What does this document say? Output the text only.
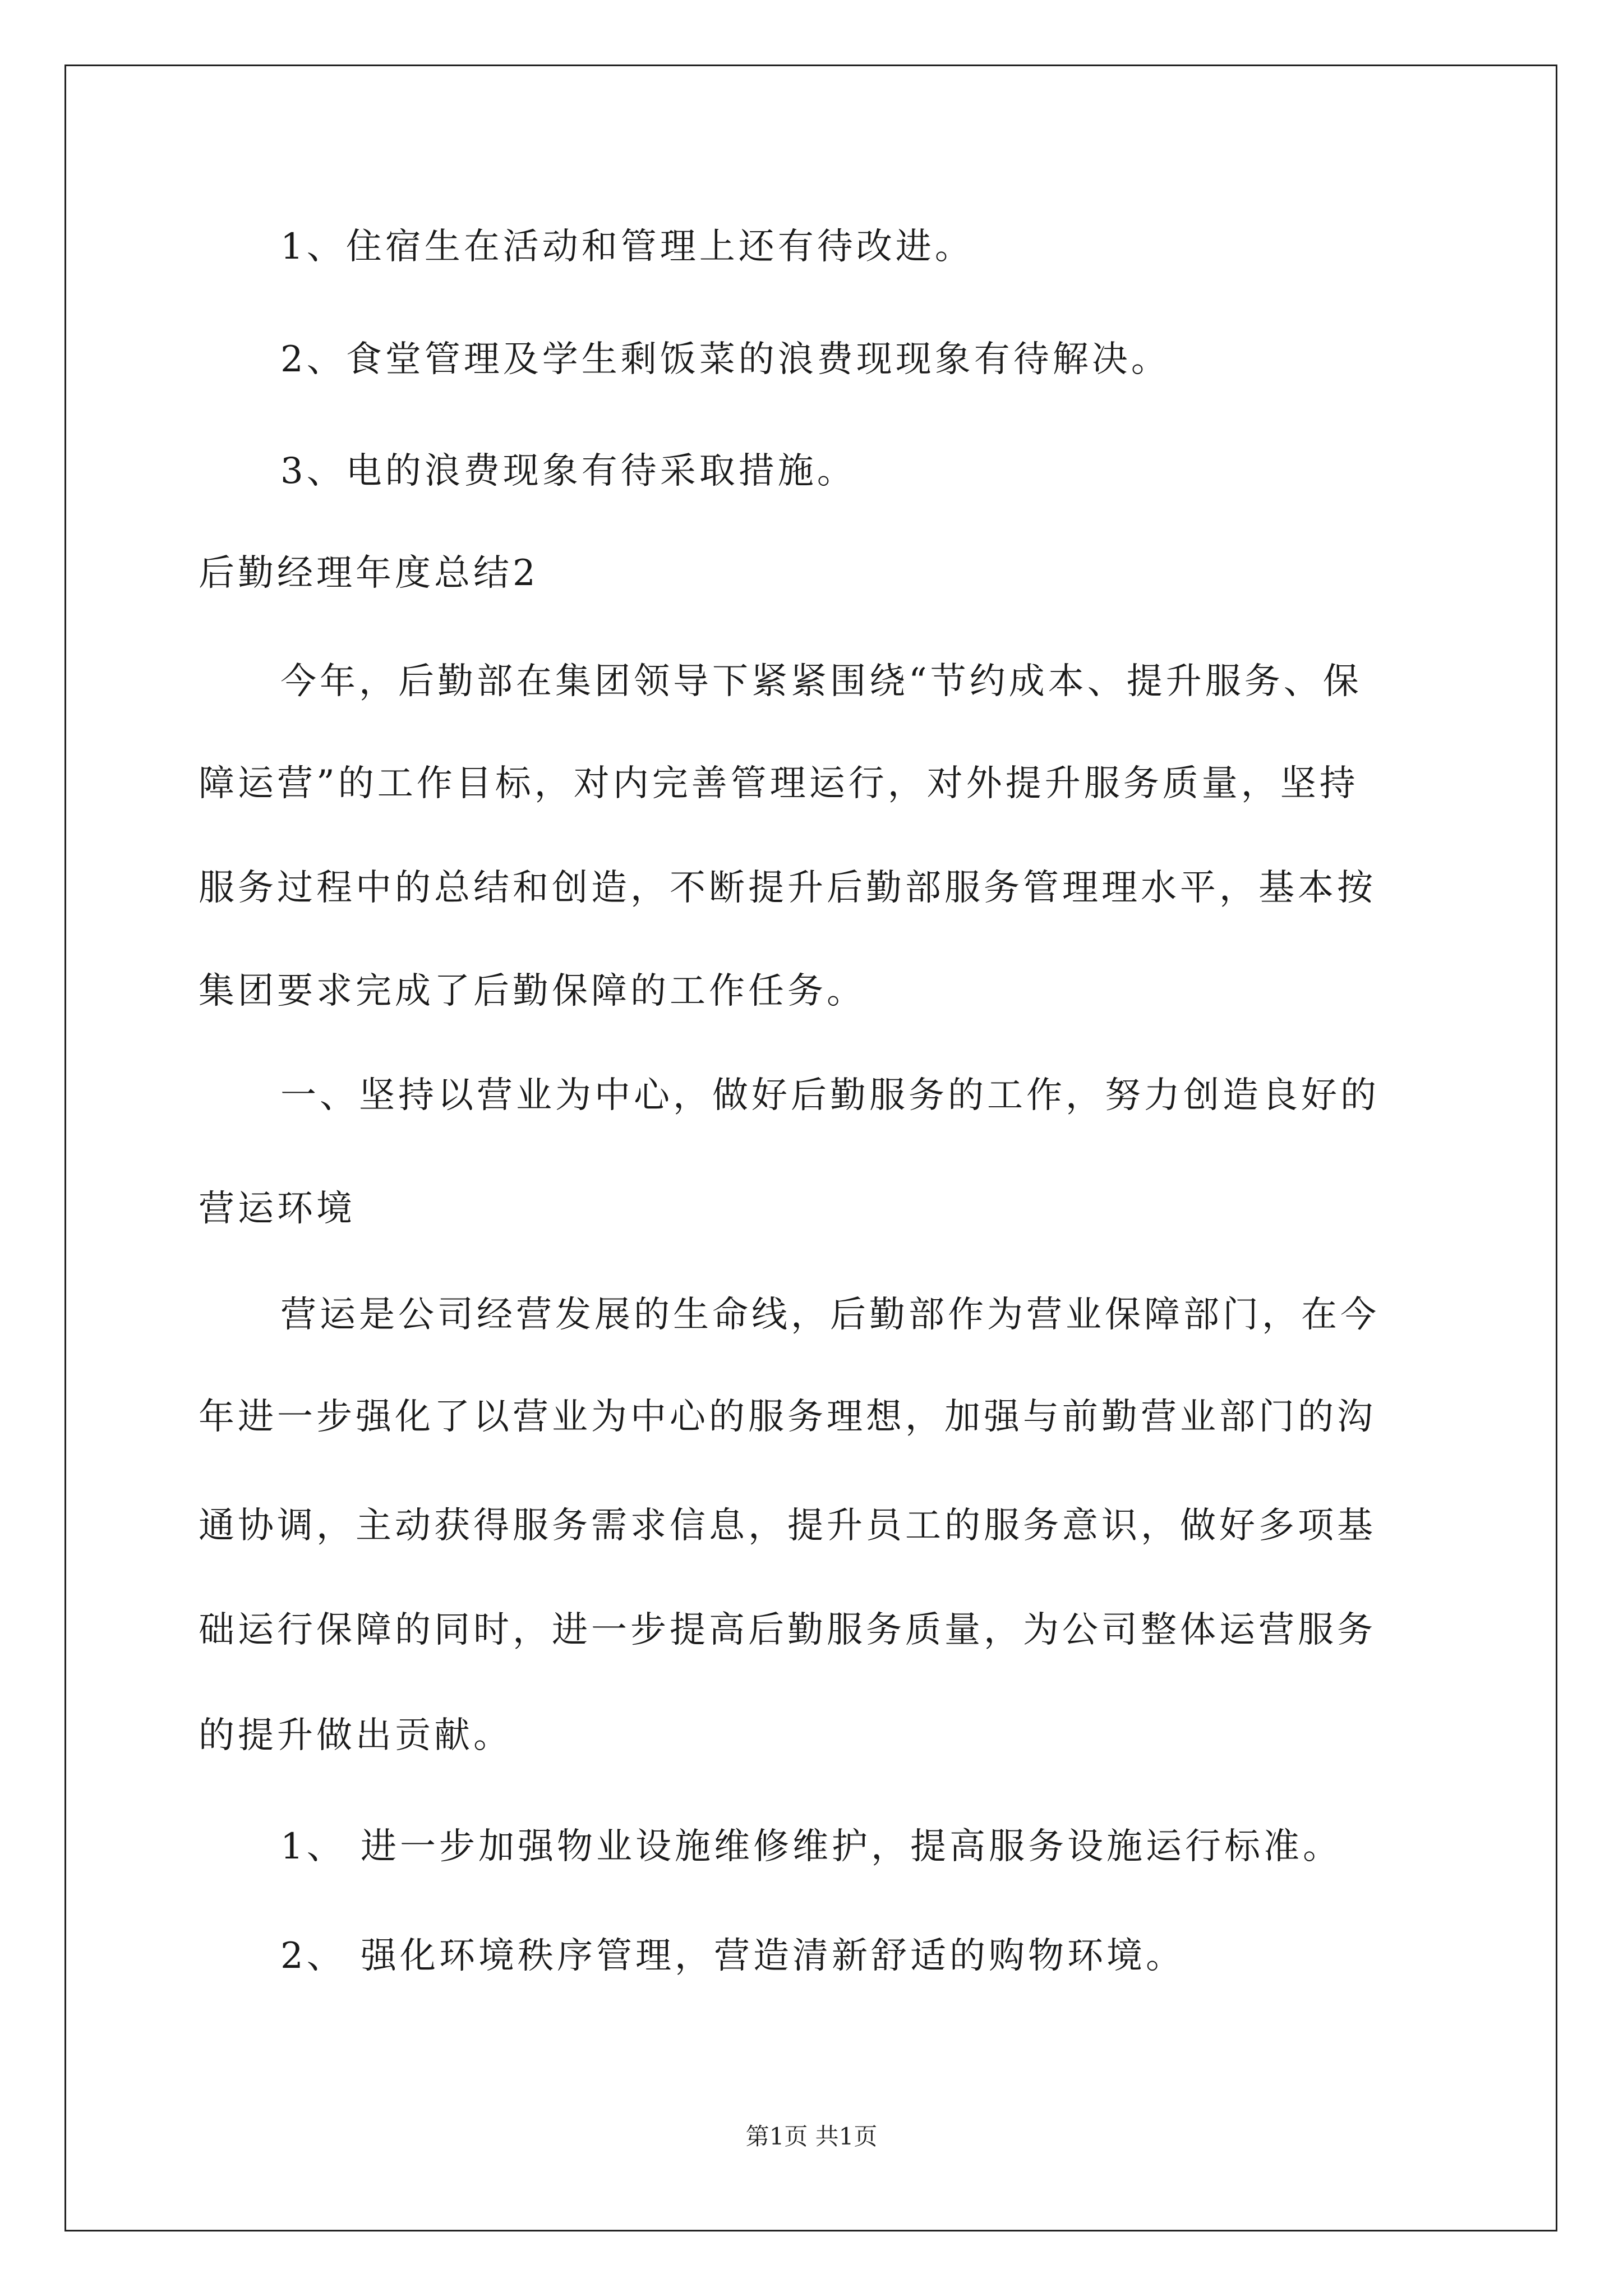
1、住宿生在活动和管理上还有待改进。
2、食堂管理及学生剩饭菜的浪费现现象有待解决。
3、电的浪费现象有待采取措施。
后勤经理年度总结2
今年，后勤部在集团领导下紧紧围绕“节约成本、提升服务、保
障运营”的工作目标，对内完善管理运行，对外提升服务质量，坚持
服务过程中的总结和创造，不断提升后勤部服务管理理水平，基本按
集团要求完成了后勤保障的工作任务。
一、坚持以营业为中心，做好后勤服务的工作，努力创造良好的
营运环境
营运是公司经营发展的生命线，后勤部作为营业保障部门，在今
年进一步强化了以营业为中心的服务理想，加强与前勤营业部门的沟
通协调，主动获得服务需求信息，提升员工的服务意识，做好多项基
础运行保障的同时，进一步提高后勤服务质量，为公司整体运营服务
的提升做出贡献。
1、 进一步加强物业设施维修维护，提高服务设施运行标准。
2、 强化环境秩序管理，营造清新舒适的购物环境。
第1页 共1页
